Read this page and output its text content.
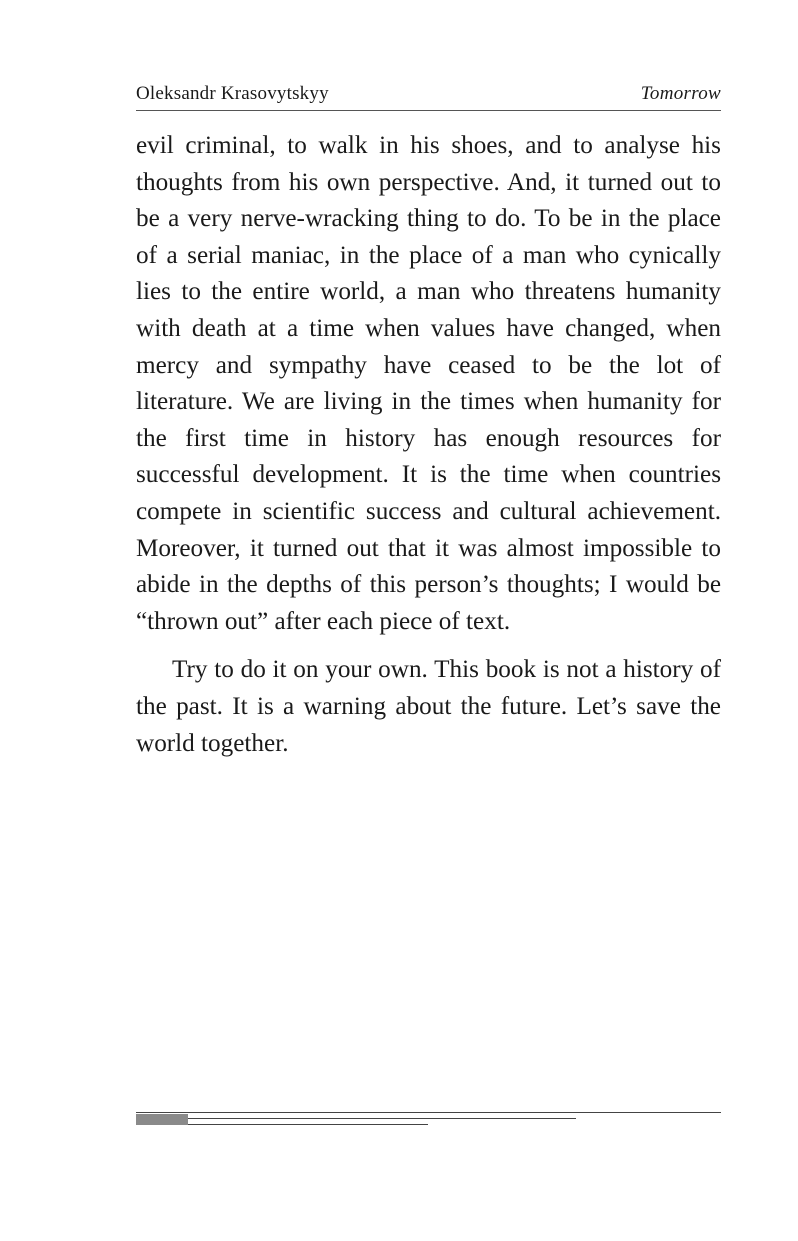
Oleksandr Krasovytskyy	Tomorrow

evil criminal, to walk in his shoes, and to analyse his thoughts from his own perspective. And, it turned out to be a very nerve-wracking thing to do. To be in the place of a serial maniac, in the place of a man who cynically lies to the entire world, a man who threatens humanity with death at a time when values have changed, when mercy and sympathy have ceased to be the lot of literature. We are living in the times when humanity for the first time in history has enough resources for successful development. It is the time when countries compete in scientific success and cultural achievement. Moreover, it turned out that it was almost impossible to abide in the depths of this person’s thoughts; I would be “thrown out” after each piece of text.

Try to do it on your own. This book is not a history of the past. It is a warning about the future. Let’s save the world together.
